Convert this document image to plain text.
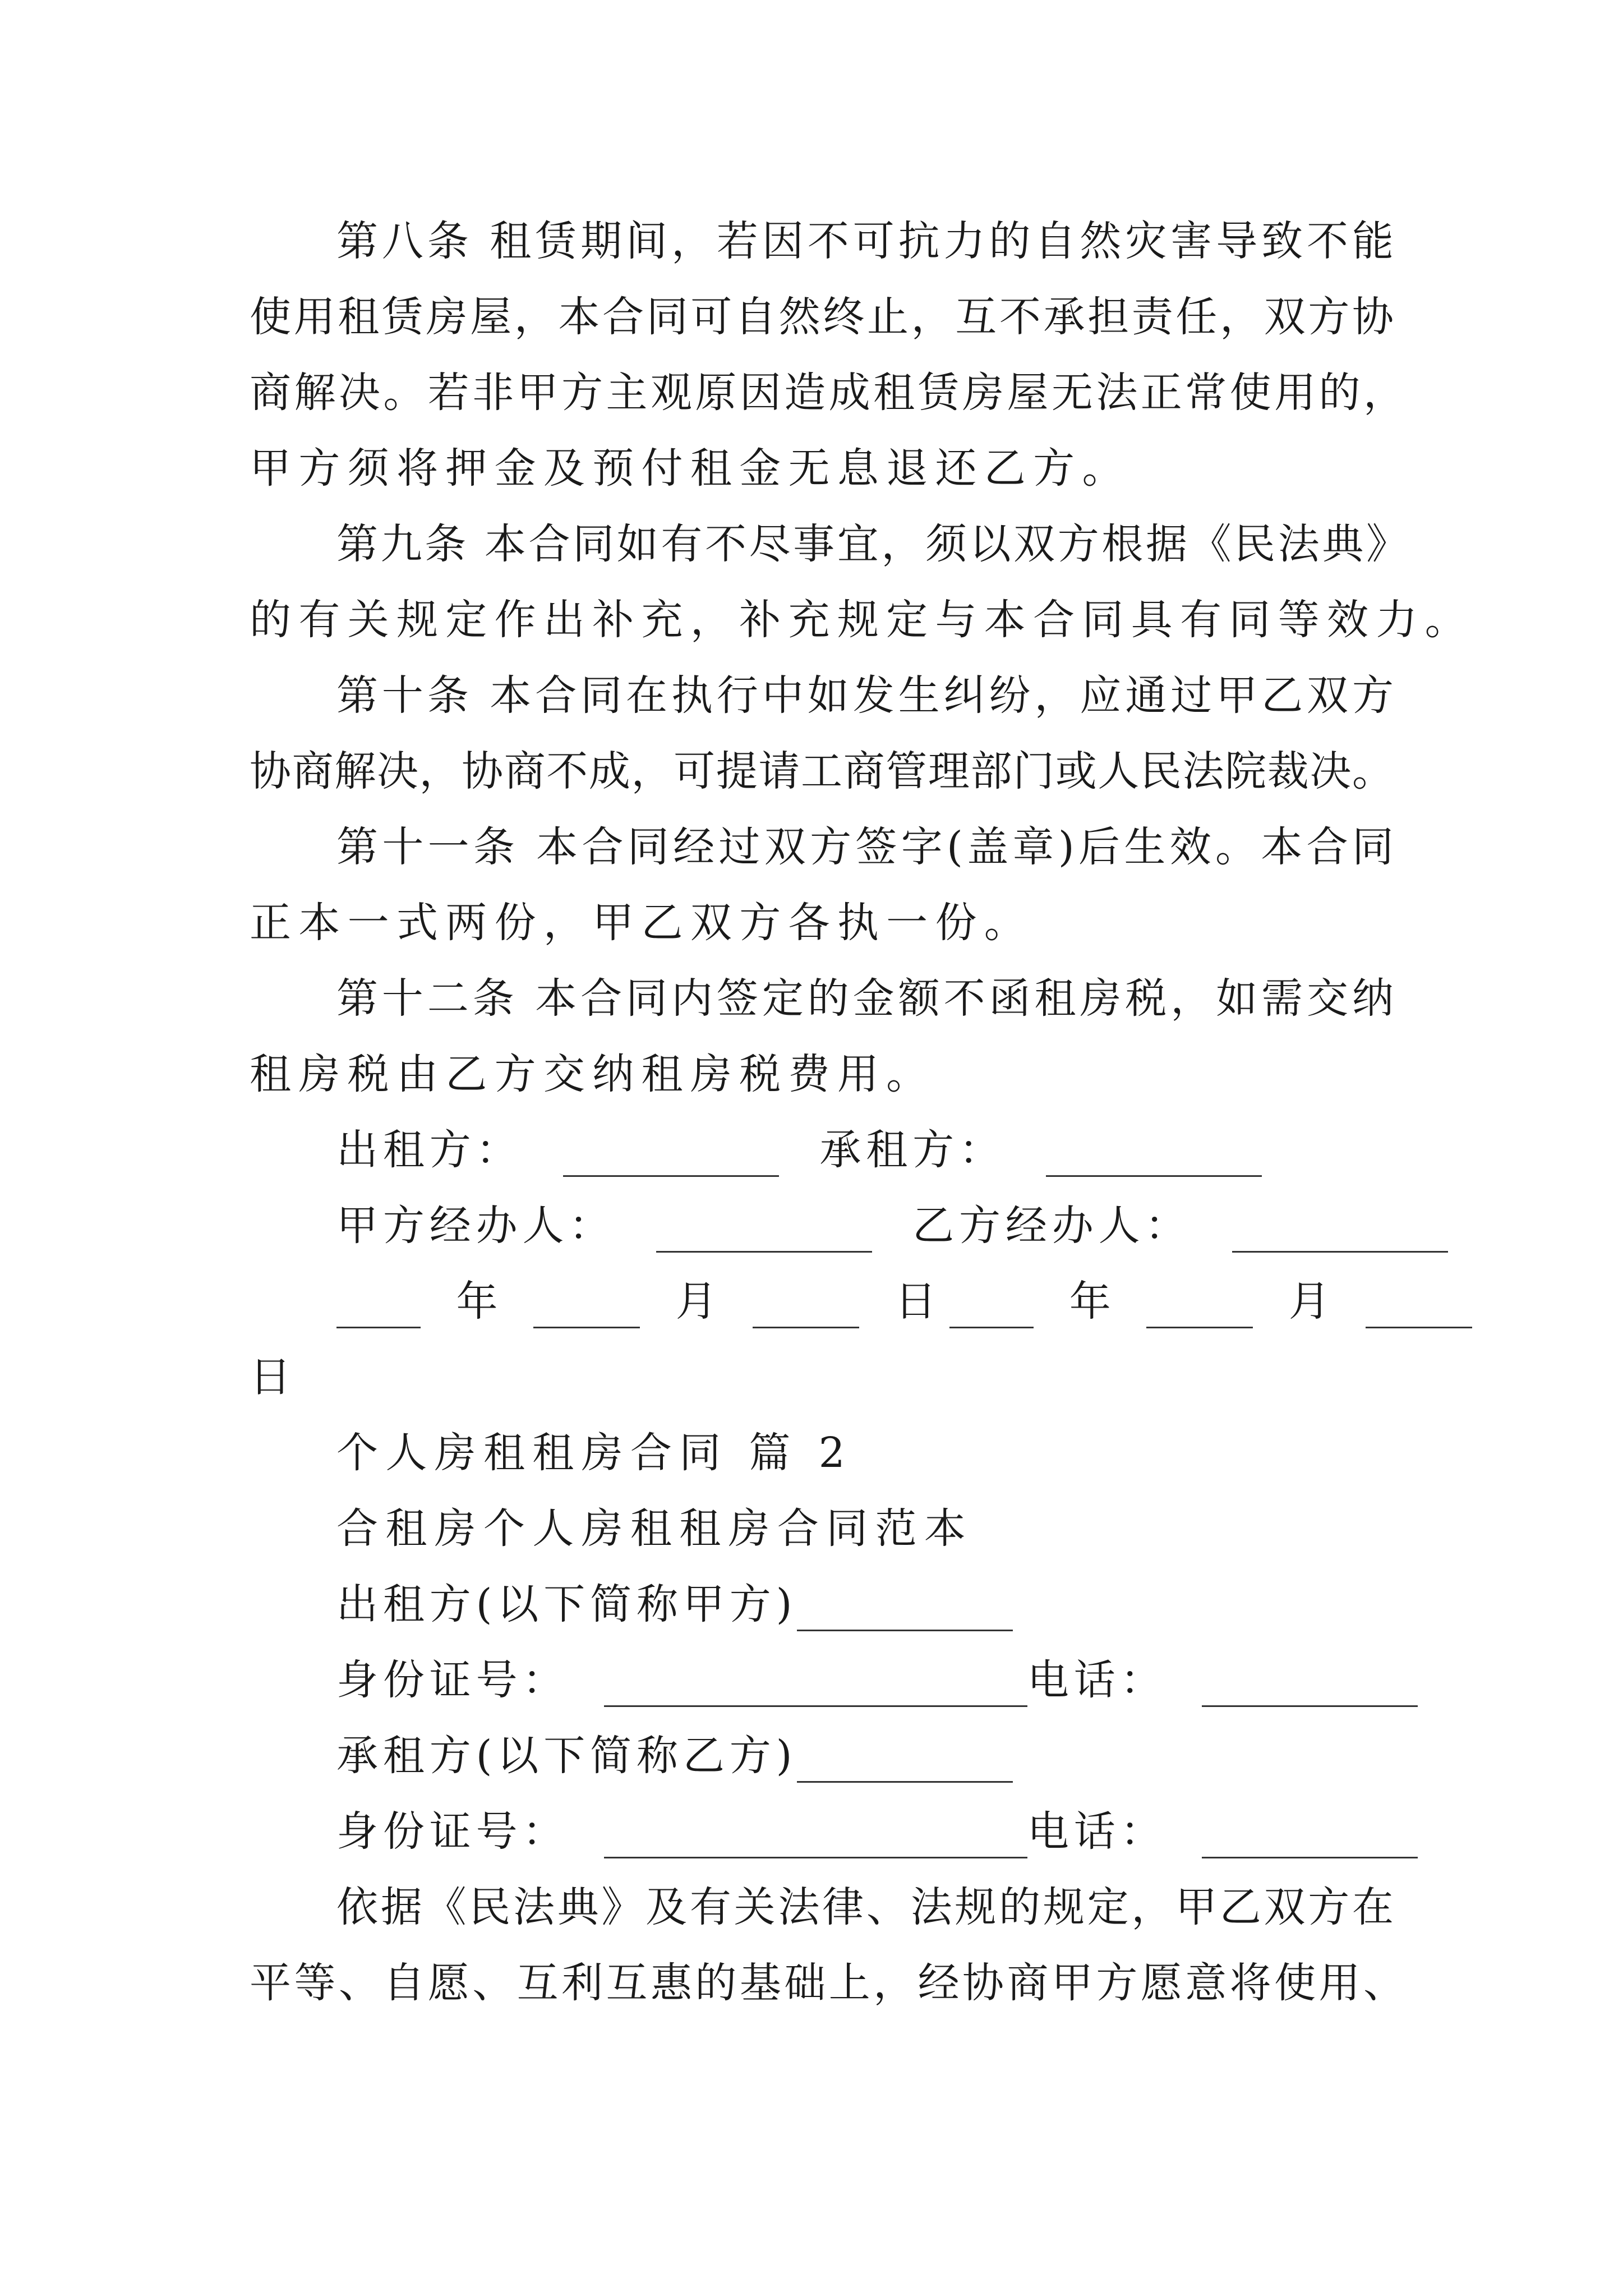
第八条 租赁期间，若因不可抗力的自然灾害导致不能
使用租赁房屋，本合同可自然终止，互不承担责任，双方协
商解决。若非甲方主观原因造成租赁房屋无法正常使用的，
甲方须将押金及预付租金无息退还乙方。
第九条 本合同如有不尽事宜，须以双方根据《民法典》
的有关规定作出补充，补充规定与本合同具有同等效力。
第十条 本合同在执行中如发生纠纷，应通过甲乙双方
协商解决，协商不成，可提请工商管理部门或人民法院裁决。
第十一条 本合同经过双方签字(盖章)后生效。本合同
正本一式两份，甲乙双方各执一份。
第十二条 本合同内签定的金额不函租房税，如需交纳
租房税由乙方交纳租房税费用。
出租方：	承租方：
甲方经办人：	乙方经办人：
年	月	日	年	月
日
个人房租租房合同 篇 2
合租房个人房租租房合同范本
出租方(以下简称甲方)
身份证号：	电话：
承租方(以下简称乙方)
身份证号：	电话：
依据《民法典》及有关法律、法规的规定，甲乙双方在
平等、自愿、互利互惠的基础上，经协商甲方愿意将使用、
